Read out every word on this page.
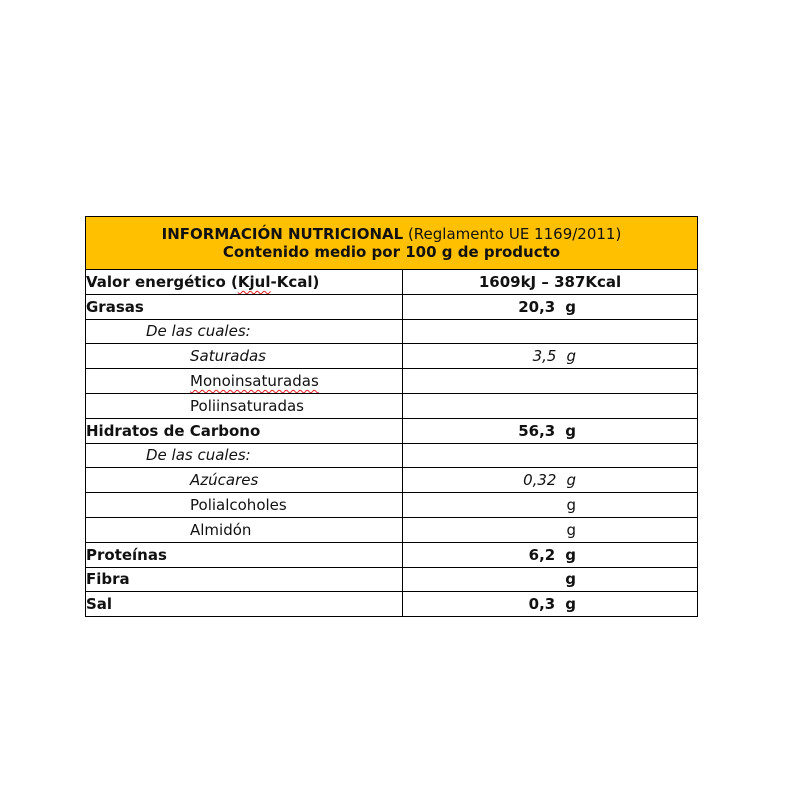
INFORMACIÓN NUTRICIONAL (Reglamento UE 1169/2011)
Contenido medio por 100 g de producto	

Valor energético (Kjul-Kcal)	1609kJ – 387Kcal
Grasas	20,3 g

De las cuales:	
Saturadas	3,5 g

Monoinsaturadas	
Poliinsaturadas	
Hidratos de Carbono	56,3 g

De las cuales:	
Azúcares	0,32 g

Polialcoholes	g

Almidón	g

Proteínas	6,2 g

Fibra	g

Sal	0,3 g
